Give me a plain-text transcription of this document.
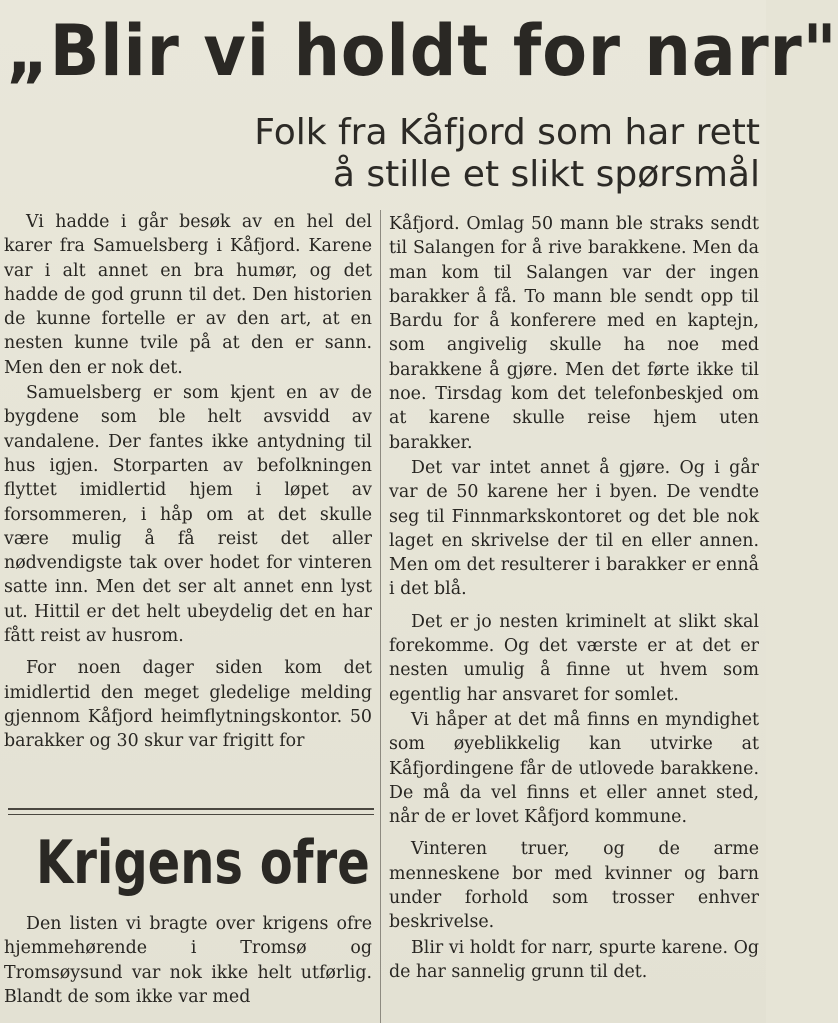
„Blir vi holdt for narr"
Folk fra Kåfjord som har rett å stille et slikt spørsmål

Vi hadde i går besøk av en hel del karer fra Samuelsberg i Kåfjord. Karene var i alt annet en bra humør, og det hadde de god grunn til det. Den historien de kunne fortelle er av den art, at en nesten kunne tvile på at den er sann. Men den er nok det.

Samuelsberg er som kjent en av de bygdene som ble helt avsvidd av vandalene. Der fantes ikke antydning til hus igjen. Storparten av befolkningen flyttet imidlertid hjem i løpet av forsommeren, i håp om at det skulle være mulig å få reist det aller nødvendigste tak over hodet for vinteren satte inn. Men det ser alt annet enn lyst ut. Hittil er det helt ubeydelig det en har fått reist av husrom.

For noen dager siden kom det imidlertid den meget gledelige melding gjennom Kåfjord heimflytningskontor. 50 barakker og 30 skur var frigitt for

Kåfjord. Omlag 50 mann ble straks sendt til Salangen for å rive barakkene. Men da man kom til Salangen var der ingen barakker å få. To mann ble sendt opp til Bardu for å konferere med en kaptejn, som angivelig skulle ha noe med barakkene å gjøre. Men det førte ikke til noe. Tirsdag kom det telefonbeskjed om at karene skulle reise hjem uten barakker.

Det var intet annet å gjøre. Og i går var de 50 karene her i byen. De vendte seg til Finnmarkskontoret og det ble nok laget en skrivelse der til en eller annen. Men om det resulterer i barakker er ennå i det blå.

Det er jo nesten kriminelt at slikt skal forekomme. Og det værste er at det er nesten umulig å finne ut hvem som egentlig har ansvaret for somlet.

Vi håper at det må finns en myndighet som øyeblikkelig kan utvirke at Kåfjordingene får de utlovede barakkene. De må da vel finns et eller annet sted, når de er lovet Kåfjord kommune.

Vinteren truer, og de arme menneskene bor med kvinner og barn under forhold som trosser enhver beskrivelse.

Blir vi holdt for narr, spurte karene. Og de har sannelig grunn til det.

Krigens ofre

Den listen vi bragte over krigens ofre hjemmehørende i Tromsø og Tromsøysund var nok ikke helt utførlig. Blandt de som ikke var med
